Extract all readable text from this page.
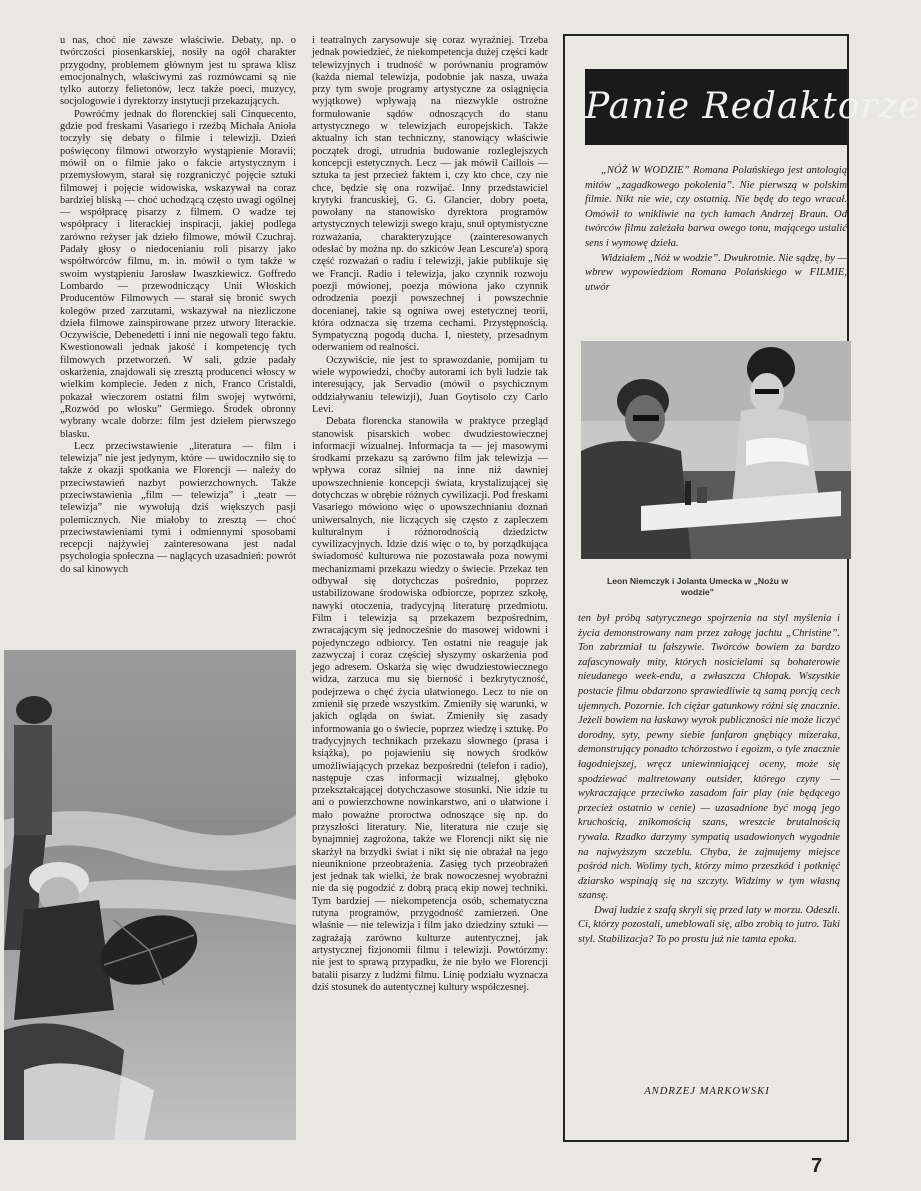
u nas, choć nie zawsze właściwie. Debaty, np. o twórczości piosenkarskiej, nosiły na ogół charakter przygodny, problemem głównym jest tu sprawa klisz emocjonalnych, właściwymi zaś rozmówcami są nie tylko autorzy felietonów, lecz także poeci, muzycy, socjologowie i dyrektorzy instytucji przekazujących.

Powróćmy jednak do florenckiej sali Cinquecento, gdzie pod freskami Vasariego i rzeźbą Michała Anioła toczyły się debaty o filmie i telewizji. Dzień poświęcony filmowi otworzyło wystąpienie Moravii; mówił on o filmie jako o fakcie artystycznym i przemysłowym, starał się rozgraniczyć pojęcie sztuki filmowej i pojęcie widowiska, wskazywał na coraz bardziej bliską — choć uchodzącą często uwagi ogólnej — współpracę pisarzy z filmem. O wadze tej współpracy i literackiej inspiracji, jakiej podlega zarówno reżyser jak dzieło filmowe, mówił Czuchraj. Padały głosy o niedocenianiu roli pisarzy jako współtwórców filmu, m. in. mówił o tym także w swoim wystąpieniu Jarosław Iwaszkiewicz. Goffredo Lombardo — przewodniczący Unii Włoskich Producentów Filmowych — starał się bronić swych kolegów przed zarzutami, wskazywał na niezliczone dzieła filmowe zainspirowane przez utwory literackie. Oczywiście, Debenedetti i inni nie negowali tego faktu. Kwestionowali jednak jakość i kompetencję tych filmowych przetworzeń. W sali, gdzie padały oskarżenia, znajdowali się zresztą producenci włoscy w wielkim komplecie. Jeden z nich, Franco Cristaldi, pokazał wieczorem ostatni film swojej wytwórni, „Rozwód po włosku” Germiego. Środek obronny wybrany wcale dobrze: film jest dziełem pierwszego blasku.

Lecz przeciwstawienie „literatura — film i telewizja” nie jest jedynym, które — uwidoczniło się to także z okazji spotkania we Florencji — należy do przeciwstawień nazbyt powierzchownych. Także przeciwstawienia „film — telewizja” i „teatr — telewizja” nie wywołują dziś większych pasji polemicznych. Nie miałoby to zresztą — choć przeciwstawieniami tymi i odmiennymi sposobami recepcji najżywiej zainteresowana jest nadal psychologia społeczna — naglących uzasadnień: powrót do sal kinowych

i teatralnych zarysowuje się coraz wyraźniej. Trzeba jednak powiedzieć, że niekompetencja dużej części kadr telewizyjnych i trudność w porównaniu programów (każda niemal telewizja, podobnie jak nasza, uważa przy tym swoje programy artystyczne za osiągnięcia wyjątkowe) wpływają na niezwykle ostrożne formułowanie sądów odnoszących do stanu artystycznego w telewizjach europejskich. Także aktualny ich stan techniczny, stanowiący właściwie początek drogi, utrudnia budowanie rozleglejszych koncepcji estetycznych. Lecz — jak mówił Caillois — sztuka ta jest przecież faktem i, czy kto chce, czy nie chce, będzie się ona rozwijać. Inny przedstawiciel krytyki francuskiej, G. G. Glancier, dobry poeta, powołany na stanowisko dyrektora programów artystycznych telewizji swego kraju, snuł optymistyczne rozważania, charakteryzujące (zainteresowanych odesłać by można np. do szkiców Jean Lescure'a) sporą część rozważań o radiu i telewizji, jakie publikuje się we Francji. Radio i telewizja, jako czynnik rozwoju poezji mówionej, poezja mówiona jako czynnik odrodzenia poezji powszechnej i powszechnie docenianej, takie są ogniwa owej estetycznej teorii, która odznacza się trzema cechami. Przystępnością. Sympatyczną pogodą ducha. I, niestety, przesadnym oderwaniem od realności.

Oczywiście, nie jest to sprawozdanie, pomijam tu wiele wypowiedzi, choćby autorami ich byli ludzie tak interesujący, jak Servadio (mówił o psychicznym oddziaływaniu telewizji), Juan Goytisolo czy Carlo Levi.

Debata florencka stanowiła w praktyce przegląd stanowisk pisarskich wobec dwudziestowiecznej informacji wizualnej. Informacja ta — jej masowymi środkami przekazu są zarówno film jak telewizja — wpływa coraz silniej na inne niż dawniej upowszechnienie koncepcji świata, krystalizującej się dotychczas w obrębie różnych cywilizacji. Pod freskami Vasariego mówiono więc o upowszechnianiu doznań uniwersalnych, nie liczących się często z zapleczem kulturalnym i różnorodnością dziedzictw cywilizacyjnych. Idzie dziś więc o to, by porządkująca świadomość kulturowa nie pozostawała poza nowymi mechanizmami przekazu wiedzy o świecie. Przekaz ten odbywał się dotychczas pośrednio, poprzez ustabilizowane środowiska odbiorcze, poprzez szkołę, nawyki otoczenia, tradycyjną literaturę przedmiotu. Film i telewizja są przekazem bezpośrednim, zwracającym się jednocześnie do masowej widowni i pojedynczego odbiorcy. Ten ostatni nie reaguje jak zazwyczaj i coraz częściej słyszymy oskarżenia pod jego adresem. Oskarża się więc dwudziestowiecznego widza, zarzuca mu się bierność i bezkrytyczność, podejrzewa o chęć życia ułatwionego. Lecz to nie on zmienił się przede wszystkim. Zmieniły się warunki, w jakich ogląda on świat. Zmieniły się zasady informowania go o świecie, poprzez wiedzę i sztukę. Po tradycyjnych technikach przekazu słownego (prasa i książka), po pojawieniu się nowych środków umożliwiających przekaz bezpośredni (telefon i radio), następuje czas informacji wizualnej, głęboko przekształcającej dotychczasowe stosunki. Nie idzie tu ani o powierzchowne nowinkarstwo, ani o ułatwione i mało poważne proroctwa odnoszące się np. do przyszłości literatury. Nie, literatura nie czuje się bynajmniej zagrożona, także we Florencji nikt się nie skarżył na brzydki świat i nikt się nie obrażał na jego nieuniknione przeobrażenia. Zasięg tych przeobrażeń jest jednak tak wielki, że brak nowoczesnej wyobraźni nie da się pogodzić z dobrą pracą ekip nowej techniki. Tym bardziej — niekompetencja osób, schematyczna rutyna programów, przygodność zamierzeń. One właśnie — nie telewizja i film jako dziedziny sztuki — zagrażają zarówno kulturze autentycznej, jak artystycznej fizjonomii filmu i telewizji. Powtórzmy: nie jest to sprawą przypadku, że nie było we Florencji batalii pisarzy z ludźmi filmu. Linię podziału wyznacza dziś stosunek do autentycznej kultury współczesnej.

Panie Redaktorze

„NÓŻ W WODZIE” Romana Polańskiego jest antologią mitów „zagadkowego pokolenia”. Nie pierwszą w polskim filmie. Nikt nie wie, czy ostatnią. Nie będę do tego wracał. Omówił to wnikliwie na tych łamach Andrzej Braun. Od twórców filmu zależała barwa owego tonu, mającego ustalić sens i wymowę dzieła.

Widziałem „Nóż w wodzie”. Dwukrotnie. Nie sądzę, by — wbrew wypowiedziom Romana Polańskiego w FILMIE, utwór

Leon Niemczyk i Jolanta Umecka w „Nożu w wodzie”

ten był próbą satyrycznego spojrzenia na styl myślenia i życia demonstrowany nam przez załogę jachtu „Christine”. Ton zabrzmiał tu fałszywie. Twórców bowiem za bardzo zafascynowały mity, których nosicielami są bohaterowie nieudanego week-endu, a zwłaszcza Chłopak. Wszystkie postacie filmu obdarzono sprawiedliwie tą samą porcją cech ujemnych. Pozornie. Ich ciężar gatunkowy różni się znacznie. Jeżeli bowiem na łaskawy wyrok publiczności nie może liczyć dorodny, syty, pewny siebie fanfaron gnębiący mizeraka, demonstrujący ponadto tchórzostwo i egoizm, o tyle znacznie łagodniejszej, wręcz uniewinniającej oceny, może się spodziewać maltretowany outsider, którego czyny — wykraczające przeciwko zasadom fair play (nie będącego przecież ostatnio w cenie) — uzasadnione być mogą jego kruchością, znikomością szans, wreszcie brutalnością rywala. Rzadko darzymy sympatią usadowionych wygodnie na najwyższym szczeblu. Chyba, że zajmujemy miejsce pośród nich. Wolimy tych, którzy mimo przeszkód i potknięć dziarsko wspinają się na szczyty. Widzimy w tym własną szansę.

Dwaj ludzie z szafą skryli się przed laty w morzu. Odeszli. Ci, którzy pozostali, umeblowali się, albo zrobią to jutro. Taki styl. Stabilizacja? To po prostu już nie tamta epoka.

ANDRZEJ MARKOWSKI
7
